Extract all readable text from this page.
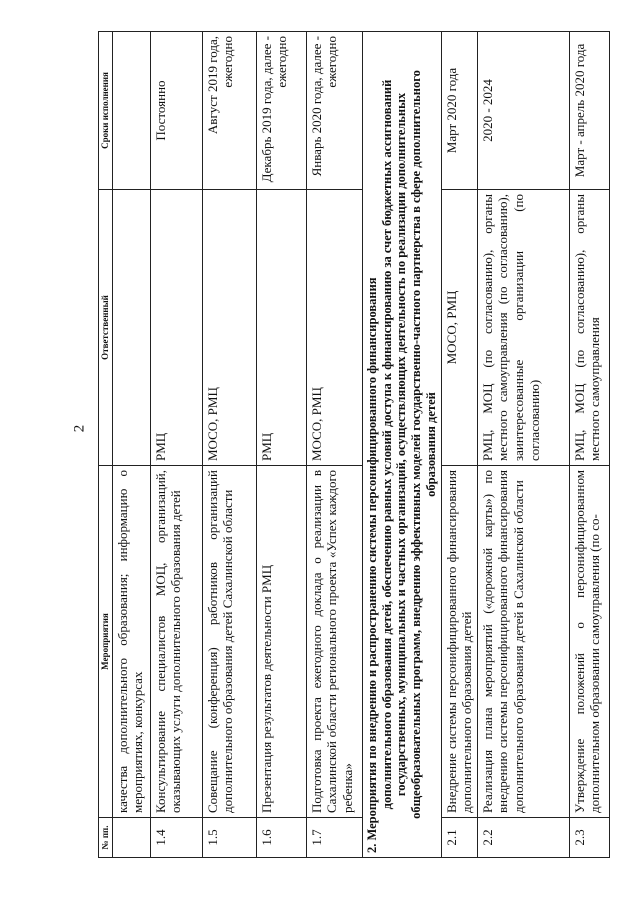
2
№ пп.	Мероприятия	Ответственный	Сроки исполнения
	качества дополнительного образования; информацию о мероприятиях, конкурсах		
1.4	Консультирование специалистов МОЦ, организаций, оказывающих услуги дополнительного образования детей	РМЦ	Постоянно
1.5	Совещание (конференция) работников организаций дополнительного образования детей Сахалинской области	МОСО, РМЦ	Август 2019 года, ежегодно
1.6	Презентация результатов деятельности РМЦ	РМЦ	Декабрь 2019 года, далее - ежегодно
1.7	Подготовка проекта ежегодного доклада о реализации в Сахалинской области регионального проекта «Успех каждого ребенка»	МОСО, РМЦ	Январь 2020 года, далее - ежегодно

2. Мероприятия по внедрению и распространению системы персонифицированного финансирования дополнительного образования детей, обеспечению равных условий доступа к финансированию за счет бюджетных ассигнований государственных, муниципальных и частных организаций, осуществляющих деятельность по реализации дополнительных общеобразовательных программ, внедрению эффективных моделей государственно-частного партнерства в сфере дополнительного образования детей			
2.1	Внедрение системы персонифицированного финансирования дополнительного образования детей	МОСО, РМЦ	Март 2020 года
2.2	Реализация плана мероприятий («дорожной карты») по внедрению системы персонифицированного финансирования дополнительного образования детей в Сахалинской области	РМЦ, МОЦ (по согласованию), органы местного самоуправления (по согласованию), заинтересованные организации (по согласованию)	2020 - 2024
2.3	Утверждение положений о персонифицированном дополнительном образовании самоуправления (по со-	РМЦ, МОЦ (по согласованию), органы местного самоуправления	Март - апрель 2020 года
